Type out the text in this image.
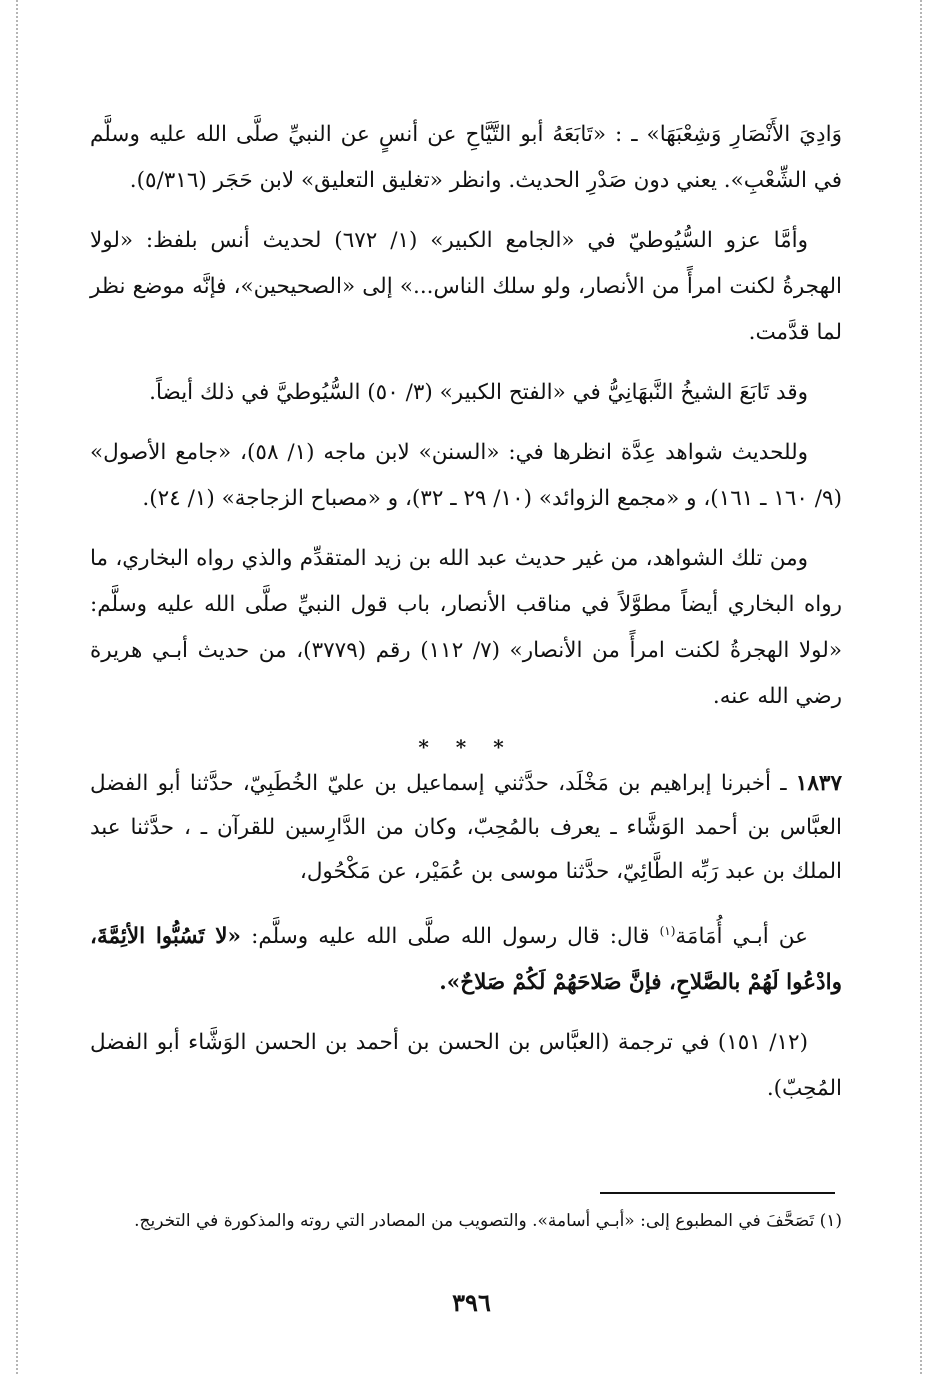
وَادِيَ الأَنْصَارِ وَشِعْبَهَا» ـ : «تَابَعَهُ أبو التَّيَّاحِ عن أنسٍ عن النبيِّ صلَّى الله عليه وسلَّم في الشِّعْبِ». يعني دون صَدْرِ الحديث. وانظر «تغليق التعليق» لابن حَجَر (٥/٣١٦).

وأمَّا عزو السُّيُوطيّ في «الجامع الكبير» (١/ ٦٧٢) لحديث أنس بلفظ: «لولا الهجرةُ لكنت امرأً من الأنصار، ولو سلك الناس...» إلى «الصحيحين»، فإنَّه موضع نظر لما قدَّمت.

وقد تَابَعَ الشيخُ النَّبهَانِيُّ في «الفتح الكبير» (٣/ ٥٠) السُّيُوطيَّ في ذلك أيضاً.

وللحديث شواهد عِدَّة انظرها في: «السنن» لابن ماجه (١/ ٥٨)، «جامع الأصول» (٩/ ١٦٠ ـ ١٦١)، و «مجمع الزوائد» (١٠/ ٢٩ ـ ٣٢)، و «مصباح الزجاجة» (١/ ٢٤).

ومن تلك الشواهد، من غير حديث عبد الله بن زيد المتقدِّم والذي رواه البخاري، ما رواه البخاري أيضاً مطوَّلاً في مناقب الأنصار، باب قول النبيِّ صلَّى الله عليه وسلَّم: «لولا الهجرةُ لكنت امرأً من الأنصار» (٧/ ١١٢) رقم (٣٧٧٩)، من حديث أبـي هريرة رضي الله عنه.

* * *

١٨٣٧ ـ أخبرنا إبراهيم بن مَخْلَد، حدَّثني إسماعيل بن عليّ الخُطَبِيّ، حدَّثنا أبو الفضل العبَّاس بن أحمد الوَشَّاء ـ يعرف بالمُحِبّ، وكان من الدَّارِسين للقرآن ـ ، حدَّثنا عبد الملك بن عبد رَبِّه الطَّائِيّ، حدَّثنا موسى بن عُمَيْر، عن مَكْحُول،

عن أبـي أُمَامَة$^{(١)}$ قال: قال رسول الله صلَّى الله عليه وسلَّم: «لا تَسُبُّوا الأئِمَّةَ، وادْعُوا لَهُمْ بالصَّلاحِ، فإنَّ صَلاحَهُمْ لَكُمْ صَلاحٌ».

(١٢/ ١٥١) في ترجمة (العبَّاس بن الحسن بن أحمد بن الحسن الوَشَّاء أبو الفضل المُحِبّ).

(١) تَصَحَّفَ في المطبوع إلى: «أبـي أسامة». والتصويب من المصادر التي روته والمذكورة في التخريج.
٣٩٦
